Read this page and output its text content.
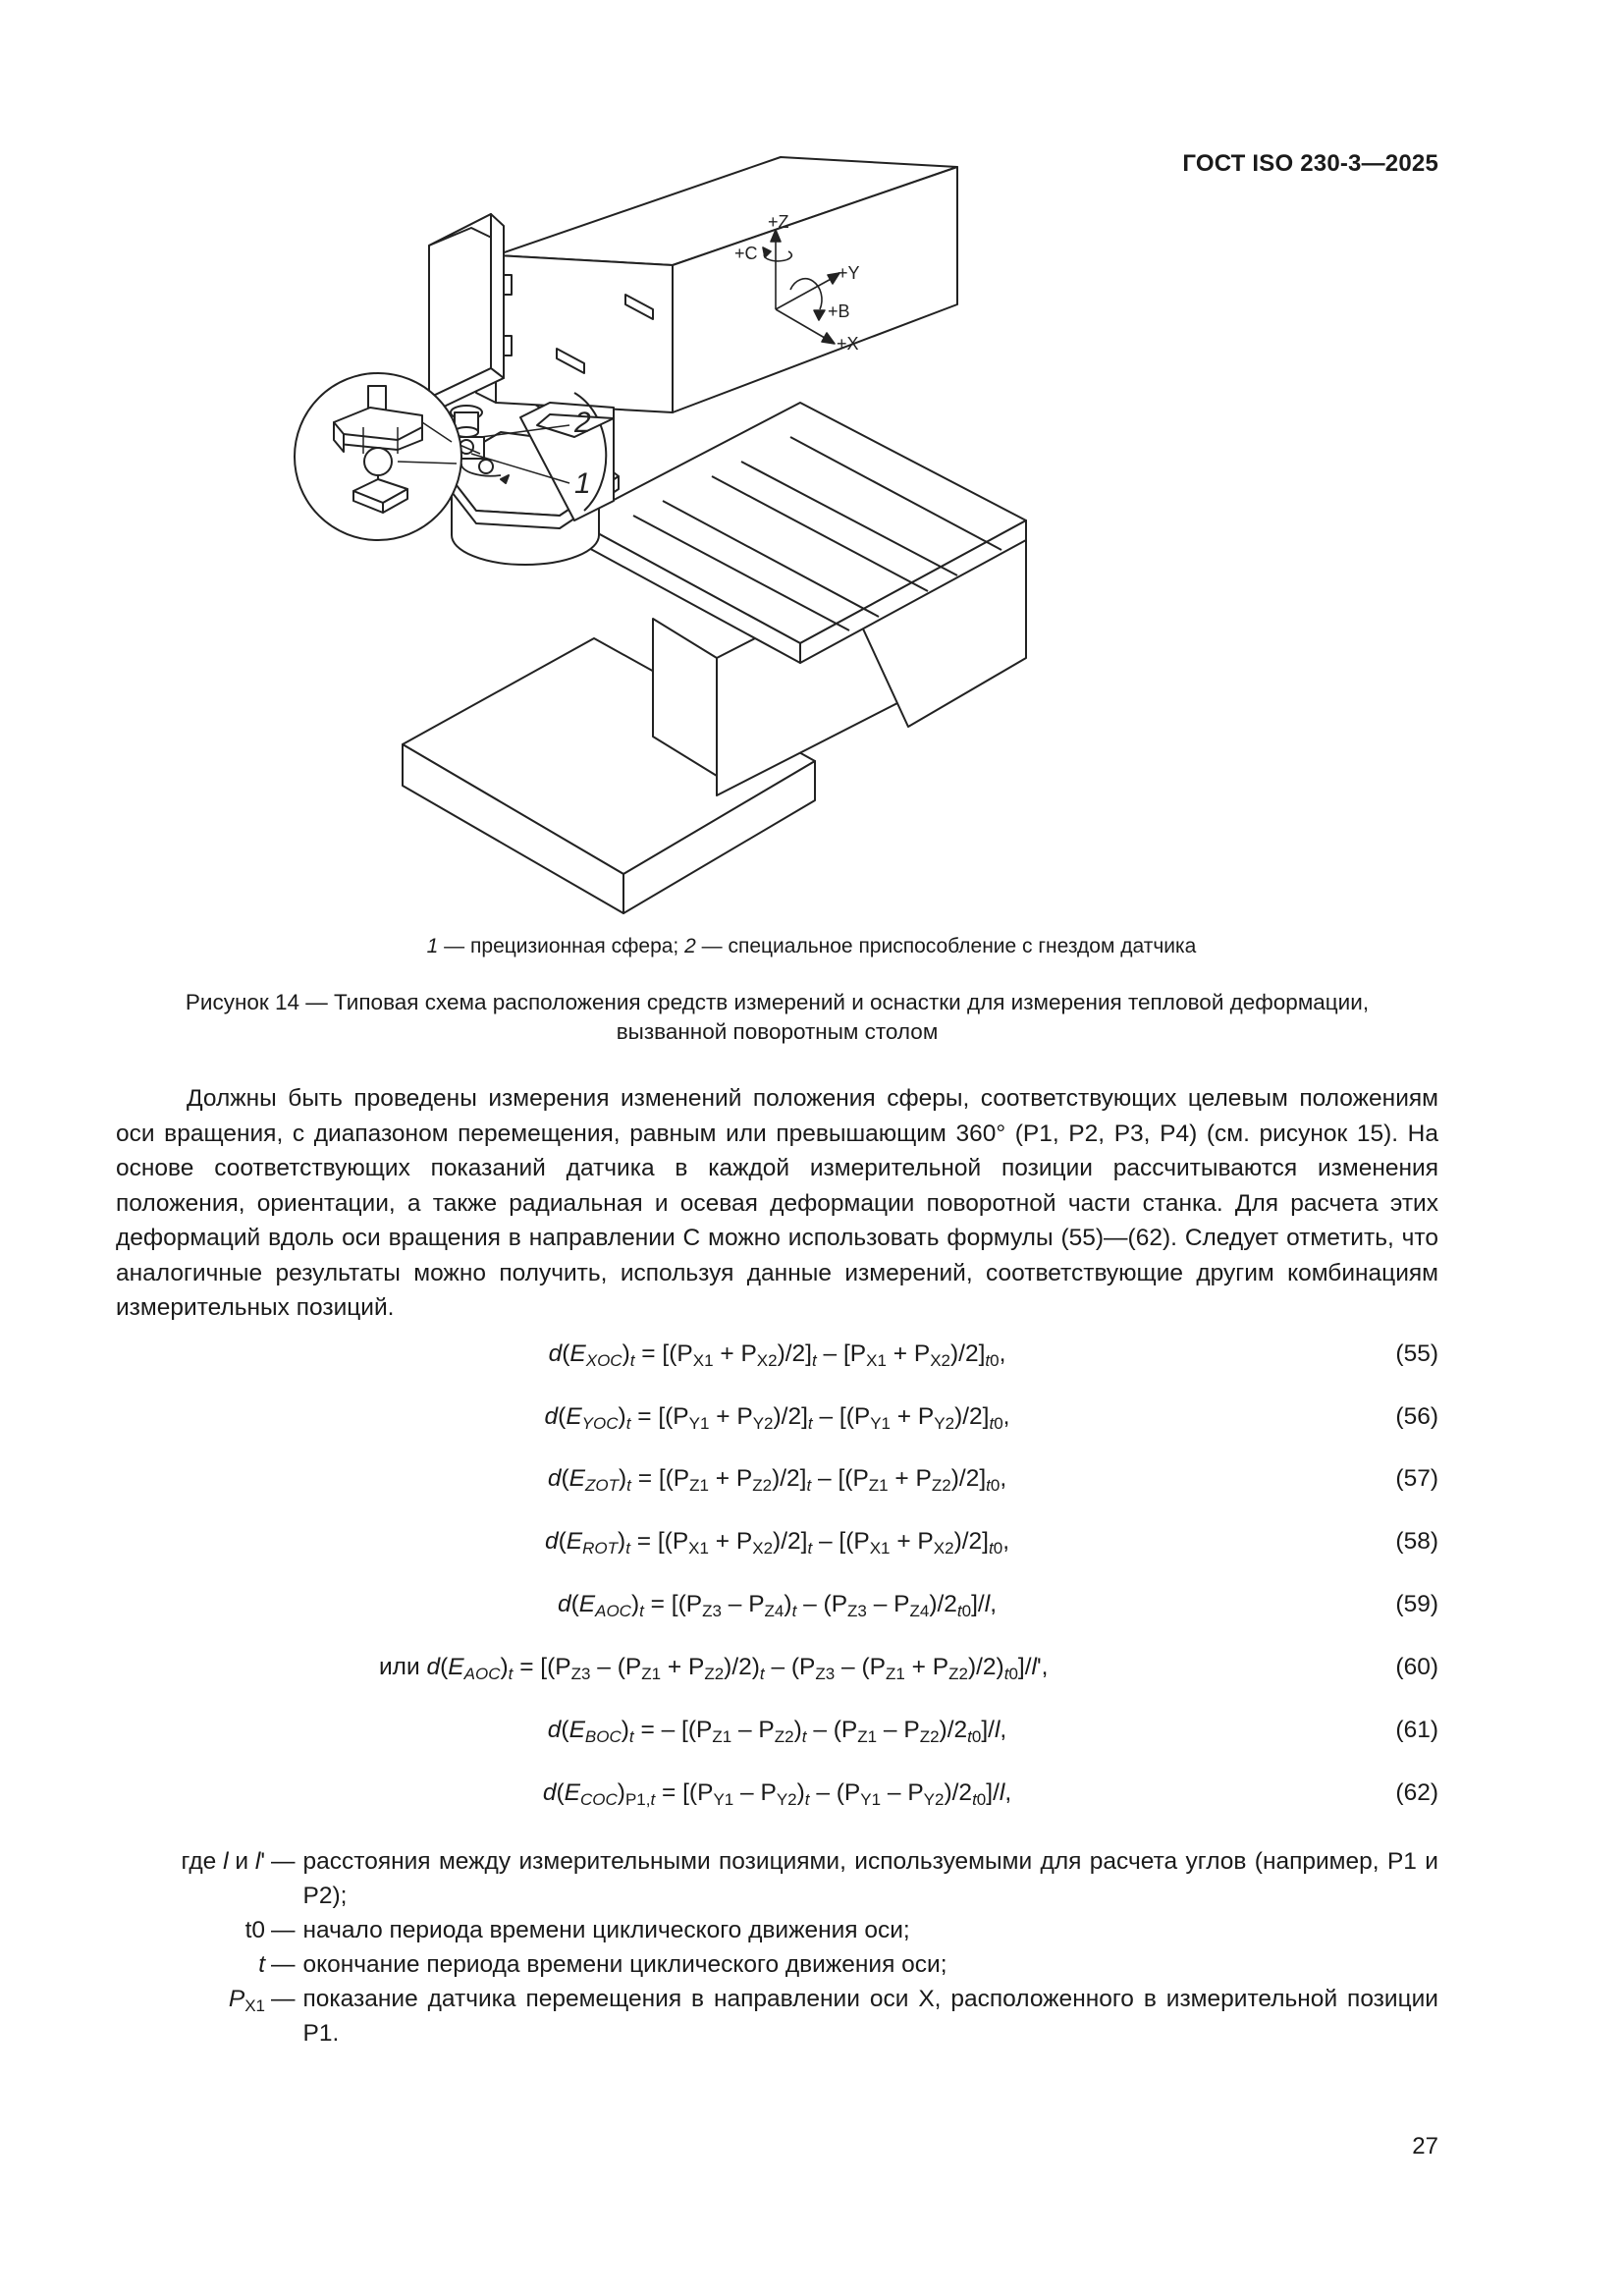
ГОСТ ISO 230-3—2025
2
1
+Z
+C
+Y
+B
+X
1 — прецизионная сфера; 2 — специальное приспособление с гнездом датчика
Рисунок 14 — Типовая схема расположения средств измерений и оснастки для измерения тепловой деформации,
вызванной поворотным столом

Должны быть проведены измерения изменений положения сферы, соответствующих целевым положениям оси вращения, с диапазоном перемещения, равным или превышающим 360° (P1, P2, P3, P4) (см. рисунок 15). На основе соответствующих показаний датчика в каждой измерительной позиции рассчитываются изменения положения, ориентации, а также радиальная и осевая деформации поворотной части станка. Для расчета этих деформаций вдоль оси вращения в направлении C можно использовать формулы (55)—(62). Следует отметить, что аналогичные результаты можно получить, используя данные измерений, соответствующие другим комбинациям измерительных позиций.

$d(E_{XOC})_t = [(P_{X1} + P_{X2})/2]_t - [P_{X1} + P_{X2})/2]_{t0}$,	(55)
$d(E_{YOC})_t = [(P_{Y1} + P_{Y2})/2]_t - [(P_{Y1} + P_{Y2})/2]_{t0}$,	(56)
$d(E_{ZOT})_t = [(P_{Z1} + P_{Z2})/2]_t - [(P_{Z1} + P_{Z2})/2]_{t0}$,	(57)
$d(E_{ROT})_t = [(P_{X1} + P_{X2})/2]_t - [(P_{X1} + P_{X2})/2]_{t0}$,	(58)
$d(E_{AOC})_t = [(P_{Z3} - P_{Z4})_t - (P_{Z3} - P_{Z4})/2_{t0}]/l$,	(59)
или $d(E_{AOC})_t = [(P_{Z3} - (P_{Z1} + P_{Z2})/2)_t - (P_{Z3} - (P_{Z1} + P_{Z2})/2)_{t0}]/l'$,	(60)
$d(E_{BOC})_t$ = – $[(P_{Z1} - P_{Z2})_t - (P_{Z1} - P_{Z2})/2_{t0}]/l$,	(61)
$d(E_{COC})_{P1,t} = [(P_{Y1} - P_{Y2})_t - (P_{Y1} - P_{Y2})/2_{t0}]/l$,	(62)
где l и l' — расстояния между измерительными позициями, используемыми для расчета углов (например, P1 и P2);
t0 — начало периода времени циклического движения оси;
t — окончание периода времени циклического движения оси;
$P_{X1}$ — показание датчика перемещения в направлении оси X, расположенного в измерительной позиции P1.
27
